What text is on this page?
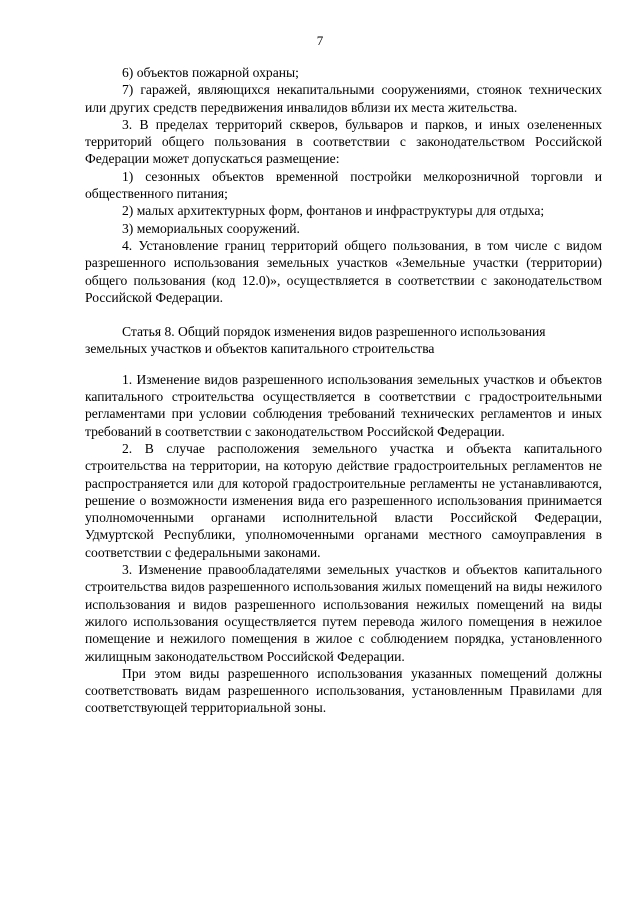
7

6) объектов пожарной охраны;

7) гаражей, являющихся некапитальными сооружениями, стоянок технических или других средств передвижения инвалидов вблизи их места жительства.

3. В пределах территорий скверов, бульваров и парков, и иных озелененных территорий общего пользования в соответствии с законодательством Российской Федерации может допускаться размещение:

1) сезонных объектов временной постройки мелкорозничной торговли и общественного питания;

2) малых архитектурных форм, фонтанов и инфраструктуры для отдыха;

3) мемориальных сооружений.

4. Установление границ территорий общего пользования, в том числе с видом разрешенного использования земельных участков «Земельные участки (территории) общего пользования (код 12.0)», осуществляется в соответствии с законодательством Российской Федерации.

Статья 8. Общий порядок изменения видов разрешенного использования земельных участков и объектов капитального строительства

1. Изменение видов разрешенного использования земельных участков и объектов капитального строительства осуществляется в соответствии с градостроительными регламентами при условии соблюдения требований технических регламентов и иных требований в соответствии с законодательством Российской Федерации.

2. В случае расположения земельного участка и объекта капитального строительства на территории, на которую действие градостроительных регламентов не распространяется или для которой градостроительные регламенты не устанавливаются, решение о возможности изменения вида его разрешенного использования принимается уполномоченными органами исполнительной власти Российской Федерации, Удмуртской Республики, уполномоченными органами местного самоуправления в соответствии с федеральными законами.

3. Изменение правообладателями земельных участков и объектов капитального строительства видов разрешенного использования жилых помещений на виды нежилого использования и видов разрешенного использования нежилых помещений на виды жилого использования осуществляется путем перевода жилого помещения в нежилое помещение и нежилого помещения в жилое с соблюдением порядка, установленного жилищным законодательством Российской Федерации.

При этом виды разрешенного использования указанных помещений должны соответствовать видам разрешенного использования, установленным Правилами для соответствующей территориальной зоны.
